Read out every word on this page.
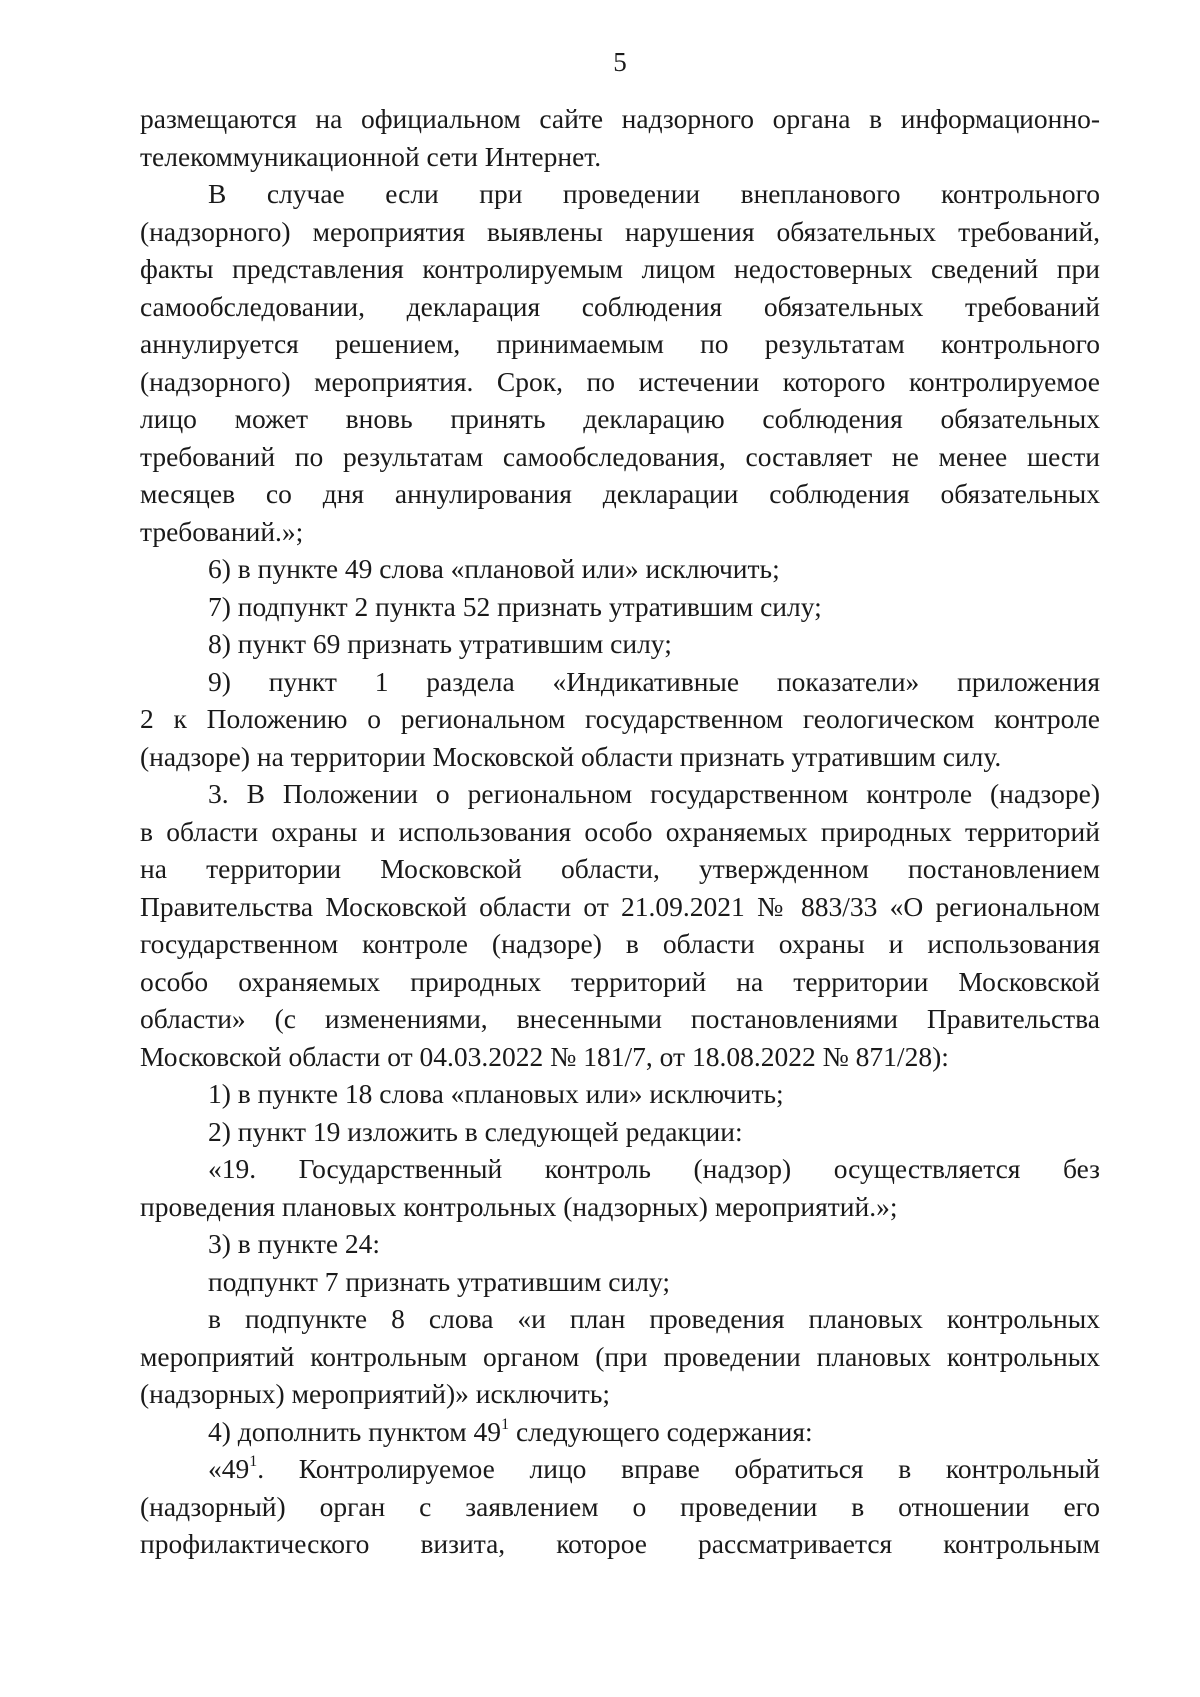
5
размещаются на официальном сайте надзорного органа в информационно-
телекоммуникационной сети Интернет.
В случае если при проведении внепланового контрольного
(надзорного) мероприятия выявлены нарушения обязательных требований,
факты представления контролируемым лицом недостоверных сведений при
самообследовании, декларация соблюдения обязательных требований
аннулируется решением, принимаемым по результатам контрольного
(надзорного) мероприятия. Срок, по истечении которого контролируемое
лицо может вновь принять декларацию соблюдения обязательных
требований по результатам самообследования, составляет не менее шести
месяцев со дня аннулирования декларации соблюдения обязательных
требований.»;
6) в пункте 49 слова «плановой или» исключить;
7) подпункт 2 пункта 52 признать утратившим силу;
8) пункт 69 признать утратившим силу;
9) пункт 1 раздела «Индикативные показатели» приложения
2 к Положению о региональном государственном геологическом контроле
(надзоре) на территории Московской области признать утратившим силу.
3. В Положении о региональном государственном контроле (надзоре)
в области охраны и использования особо охраняемых природных территорий
на территории Московской области, утвержденном постановлением
Правительства Московской области от 21.09.2021 № 883/33 «О региональном
государственном контроле (надзоре) в области охраны и использования
особо охраняемых природных территорий на территории Московской
области» (с изменениями, внесенными постановлениями Правительства
Московской области от 04.03.2022 № 181/7, от 18.08.2022 № 871/28):
1) в пункте 18 слова «плановых или» исключить;
2) пункт 19 изложить в следующей редакции:
«19. Государственный контроль (надзор) осуществляется без
проведения плановых контрольных (надзорных) мероприятий.»;
3) в пункте 24:
подпункт 7 признать утратившим силу;
в подпункте 8 слова «и план проведения плановых контрольных
мероприятий контрольным органом (при проведении плановых контрольных
(надзорных) мероприятий)» исключить;
4) дополнить пунктом $49^1$ следующего содержания:
«$49^1$. Контролируемое лицо вправе обратиться в контрольный
(надзорный) орган с заявлением о проведении в отношении его
профилактического визита, которое рассматривается контрольным
